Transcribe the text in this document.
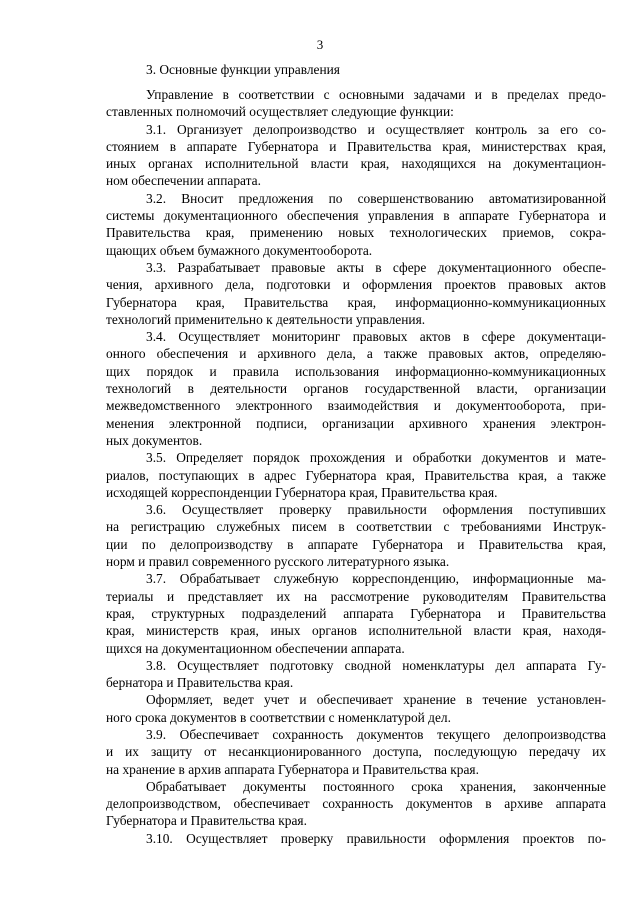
3

3. Основные функции управления

Управление в соответствии с основными задачами и в пределах предо-
ставленных полномочий осуществляет следующие функции:

3.1. Организует делопроизводство и осуществляет контроль за его со-
стоянием в аппарате Губернатора и Правительства края, министерствах края,
иных органах исполнительной власти края, находящихся на документацион-
ном обеспечении аппарата.

3.2. Вносит предложения по совершенствованию автоматизированной
системы документационного обеспечения управления в аппарате Губернатора и
Правительства края, применению новых технологических приемов, сокра-
щающих объем бумажного документооборота.

3.3. Разрабатывает правовые акты в сфере документационного обеспе-
чения, архивного дела, подготовки и оформления проектов правовых актов
Губернатора края, Правительства края, информационно-коммуникационных
технологий применительно к деятельности управления.

3.4. Осуществляет мониторинг правовых актов в сфере документаци-
онного обеспечения и архивного дела, а также правовых актов, определяю-
щих порядок и правила использования информационно-коммуникационных
технологий в деятельности органов государственной власти, организации
межведомственного электронного взаимодействия и документооборота, при-
менения электронной подписи, организации архивного хранения электрон-
ных документов.

3.5. Определяет порядок прохождения и обработки документов и мате-
риалов, поступающих в адрес Губернатора края, Правительства края, а также
исходящей корреспонденции Губернатора края, Правительства края.

3.6. Осуществляет проверку правильности оформления поступивших
на регистрацию служебных писем в соответствии с требованиями Инструк-
ции по делопроизводству в аппарате Губернатора и Правительства края,
норм и правил современного русского литературного языка.

3.7. Обрабатывает служебную корреспонденцию, информационные ма-
териалы и представляет их на рассмотрение руководителям Правительства
края, структурных подразделений аппарата Губернатора и Правительства
края, министерств края, иных органов исполнительной власти края, находя-
щихся на документационном обеспечении аппарата.

3.8. Осуществляет подготовку сводной номенклатуры дел аппарата Гу-
бернатора и Правительства края.

Оформляет, ведет учет и обеспечивает хранение в течение установлен-
ного срока документов в соответствии с номенклатурой дел.

3.9. Обеспечивает сохранность документов текущего делопроизводства
и их защиту от несанкционированного доступа, последующую передачу их
на хранение в архив аппарата Губернатора и Правительства края.

Обрабатывает документы постоянного срока хранения, законченные
делопроизводством, обеспечивает сохранность документов в архиве аппарата
Губернатора и Правительства края.

3.10. Осуществляет проверку правильности оформления проектов по-
